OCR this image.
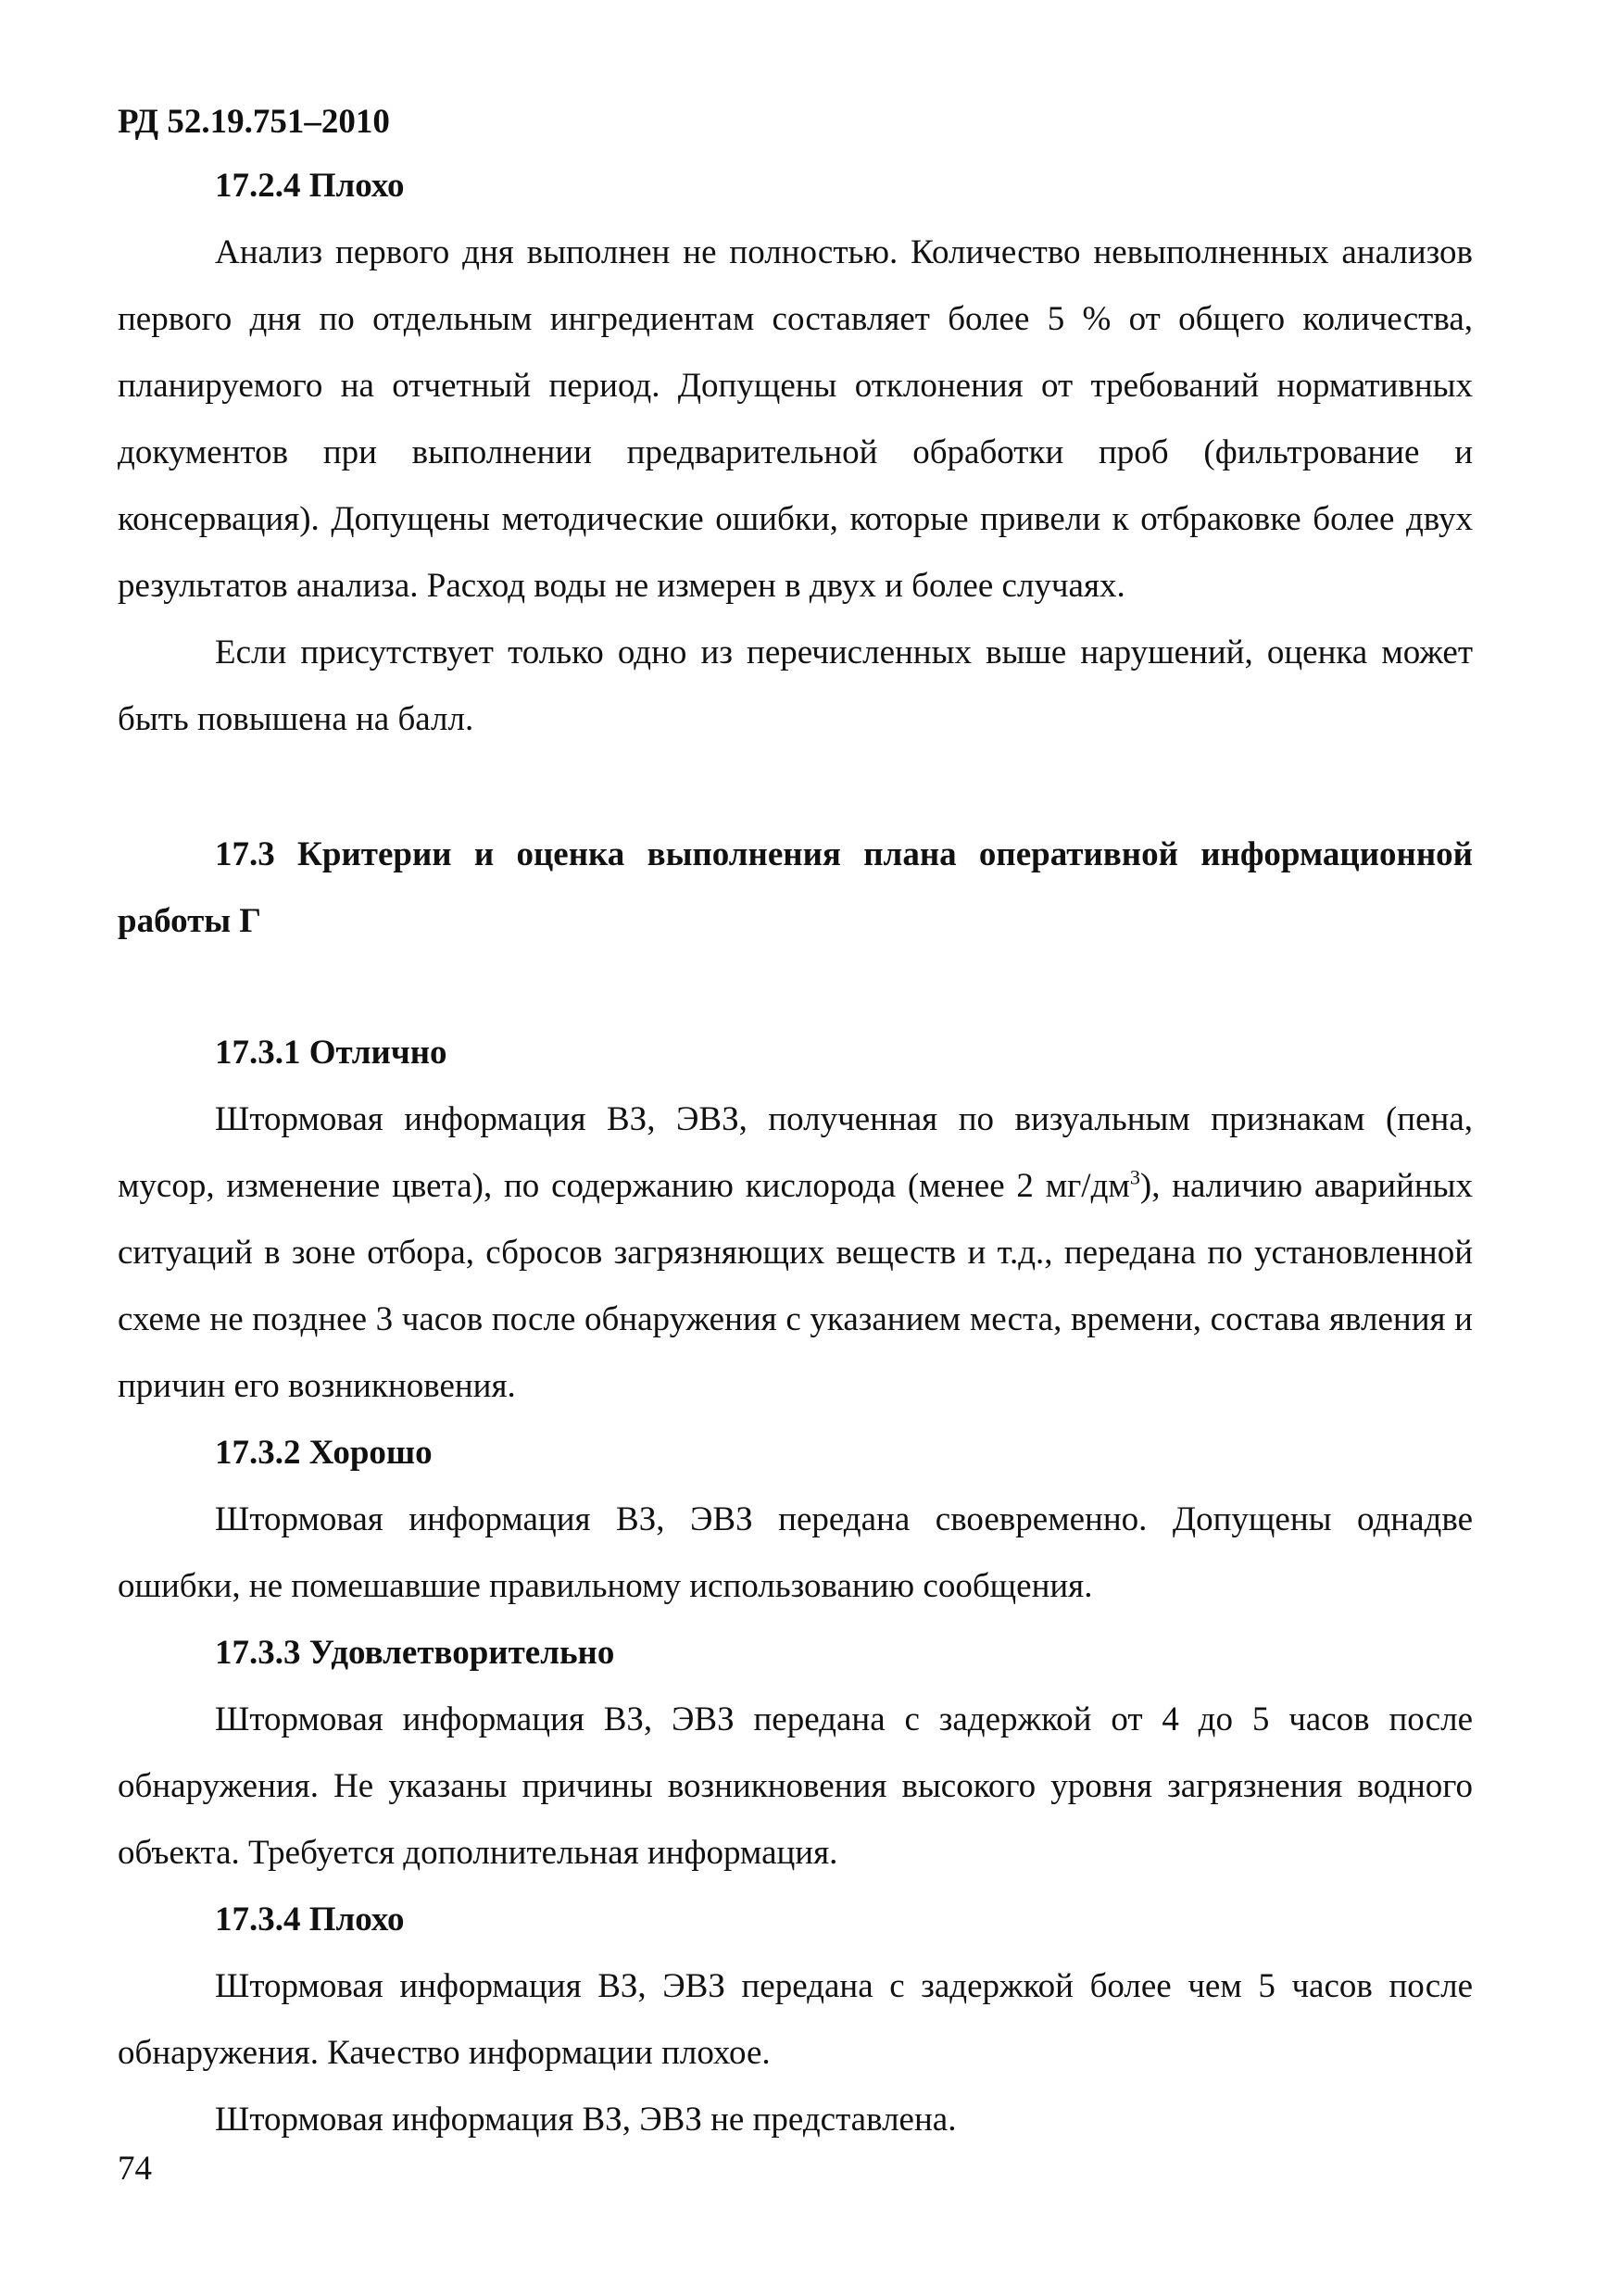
РД 52.19.751–2010

17.2.4 Плохо

Анализ первого дня выполнен не полностью. Количество невыполненных анализов первого дня по отдельным ингредиентам составляет более 5 % от общего количества, планируемого на отчетный период. Допущены отклонения от требований нормативных документов при выполнении предварительной обработки проб (фильтрование и консервация). Допущены методические ошибки, которые привели к отбраковке более двух результатов анализа. Расход воды не измерен в двух и более случаях.

Если присутствует только одно из перечисленных выше нарушений, оценка может быть повышена на балл.

17.3 Критерии и оценка выполнения плана оперативной информационной работы Г

17.3.1 Отлично

Штормовая информация ВЗ, ЭВЗ, полученная по визуальным признакам (пена, мусор, изменение цвета), по содержанию кислорода (менее 2 $мг/дм^3$), наличию аварийных ситуаций в зоне отбора, сбросов загрязняющих веществ и т.д., передана по установленной схеме не позднее 3 часов после обнаружения с указанием места, времени, состава явления и причин его возникновения.

17.3.2 Хорошо

Штормовая информация ВЗ, ЭВЗ передана своевременно. Допущены однадве ошибки, не помешавшие правильному использованию сообщения.

17.3.3 Удовлетворительно

Штормовая информация ВЗ, ЭВЗ передана с задержкой от 4 до 5 часов после обнаружения. Не указаны причины возникновения высокого уровня загрязнения водного объекта. Требуется дополнительная информация.

17.3.4 Плохо

Штормовая информация ВЗ, ЭВЗ передана с задержкой более чем 5 часов после обнаружения. Качество информации плохое.

Штормовая информация ВЗ, ЭВЗ не представлена.

74
